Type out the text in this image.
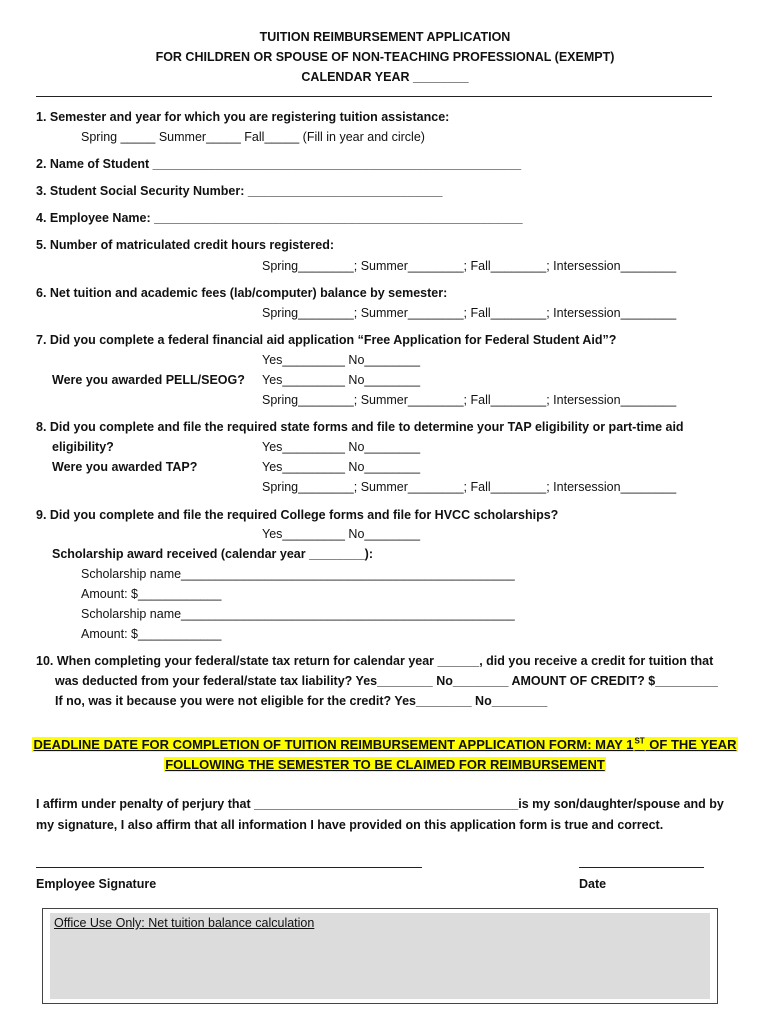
TUITION REIMBURSEMENT APPLICATION
FOR CHILDREN OR SPOUSE OF NON-TEACHING PROFESSIONAL (EXEMPT)
CALENDAR YEAR ________
1. Semester and year for which you are registering tuition assistance:
Spring _____ Summer_____ Fall_____ (Fill in year and circle)
2. Name of Student _____________________________________________________
3. Student Social Security Number: ____________________________
4. Employee Name: _____________________________________________________
5. Number of matriculated credit hours registered:
Spring________; Summer________; Fall________; Intersession________
6. Net tuition and academic fees (lab/computer) balance by semester:
Spring________; Summer________; Fall________; Intersession________
7. Did you complete a federal financial aid application “Free Application for Federal Student Aid”?
Yes_________ No________
Were you awarded PELL/SEOG? Yes_________ No________
Spring________; Summer________; Fall________; Intersession________
8. Did you complete and file the required state forms and file to determine your TAP eligibility or part-time aid
eligibility?	Yes_________ No________
Were you awarded TAP?	Yes_________ No________
Spring________; Summer________; Fall________; Intersession________
9. Did you complete and file the required College forms and file for HVCC scholarships?
Yes_________ No________
Scholarship award received (calendar year ________):
Scholarship name________________________________________________
Amount: $____________
Scholarship name________________________________________________
Amount: $____________
10. When completing your federal/state tax return for calendar year ______, did you receive a credit for tuition that
was deducted from your federal/state tax liability? Yes________ No________ AMOUNT OF CREDIT? $_________
If no, was it because you were not eligible for the credit? Yes________ No________
DEADLINE DATE FOR COMPLETION OF TUITION REIMBURSEMENT APPLICATION FORM: MAY 1ST OF THE YEAR
FOLLOWING THE SEMESTER TO BE CLAIMED FOR REIMBURSEMENT
I affirm under penalty of perjury that ______________________________________is my son/daughter/spouse and by
my signature, I also affirm that all information I have provided on this application form is true and correct.
Employee Signature	Date
Office Use Only: Net tuition balance calculation
